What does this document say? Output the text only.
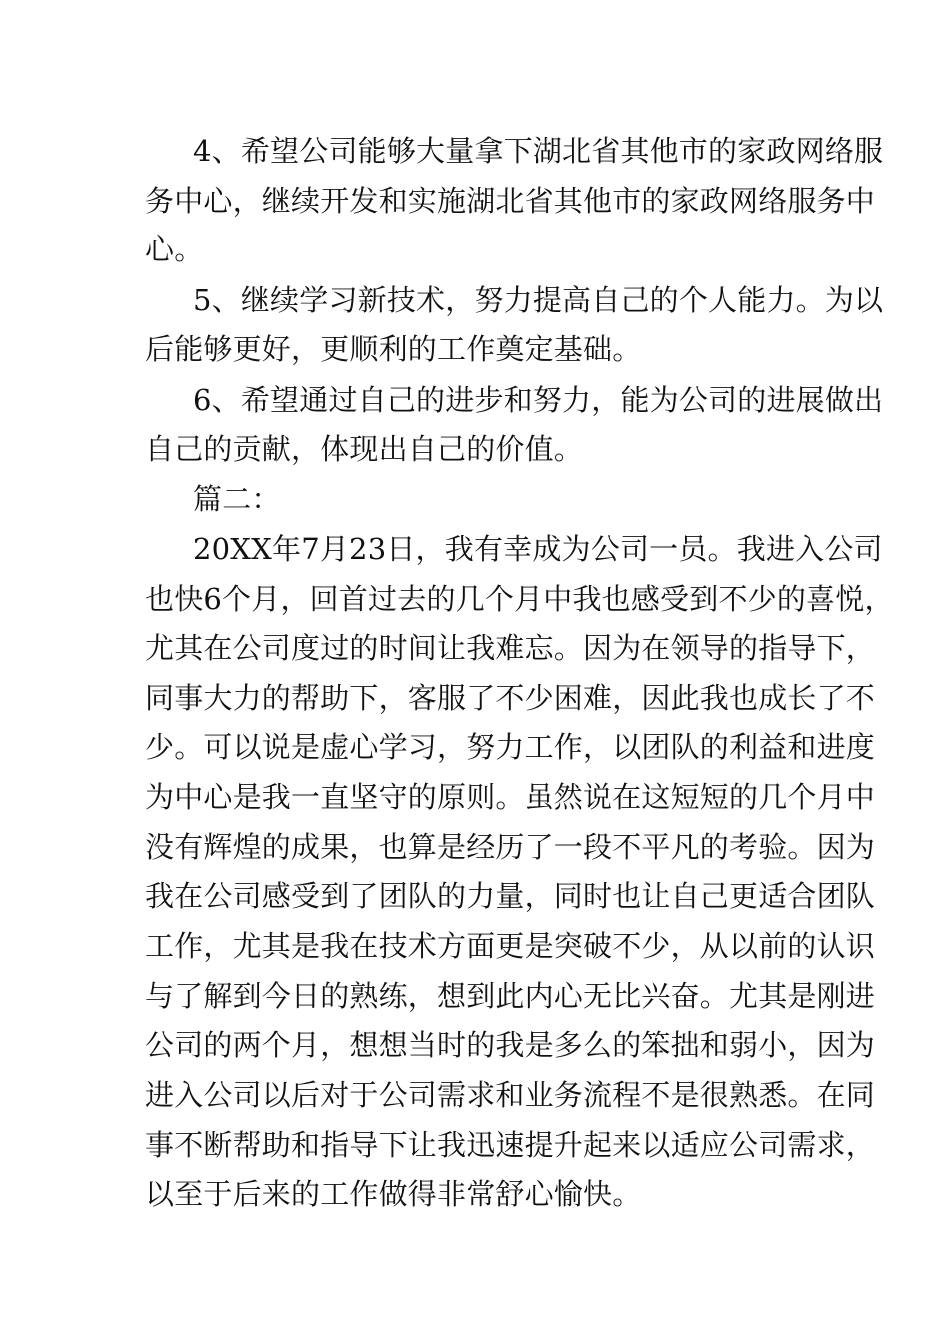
4、希望公司能够大量拿下湖北省其他市的家政网络服
务中心，继续开发和实施湖北省其他市的家政网络服务中
心。
5、继续学习新技术，努力提高自己的个人能力。为以
后能够更好，更顺利的工作奠定基础。
6、希望通过自己的进步和努力，能为公司的进展做出
自己的贡献，体现出自己的价值。
篇二：
20XX年7月23日，我有幸成为公司一员。我进入公司
也快6个月，回首过去的几个月中我也感受到不少的喜悦，
尤其在公司度过的时间让我难忘。因为在领导的指导下，
同事大力的帮助下，客服了不少困难，因此我也成长了不
少。可以说是虚心学习，努力工作，以团队的利益和进度
为中心是我一直坚守的原则。虽然说在这短短的几个月中
没有辉煌的成果，也算是经历了一段不平凡的考验。因为
我在公司感受到了团队的力量，同时也让自己更适合团队
工作，尤其是我在技术方面更是突破不少，从以前的认识
与了解到今日的熟练，想到此内心无比兴奋。尤其是刚进
公司的两个月，想想当时的我是多么的笨拙和弱小，因为
进入公司以后对于公司需求和业务流程不是很熟悉。在同
事不断帮助和指导下让我迅速提升起来以适应公司需求，
以至于后来的工作做得非常舒心愉快。
